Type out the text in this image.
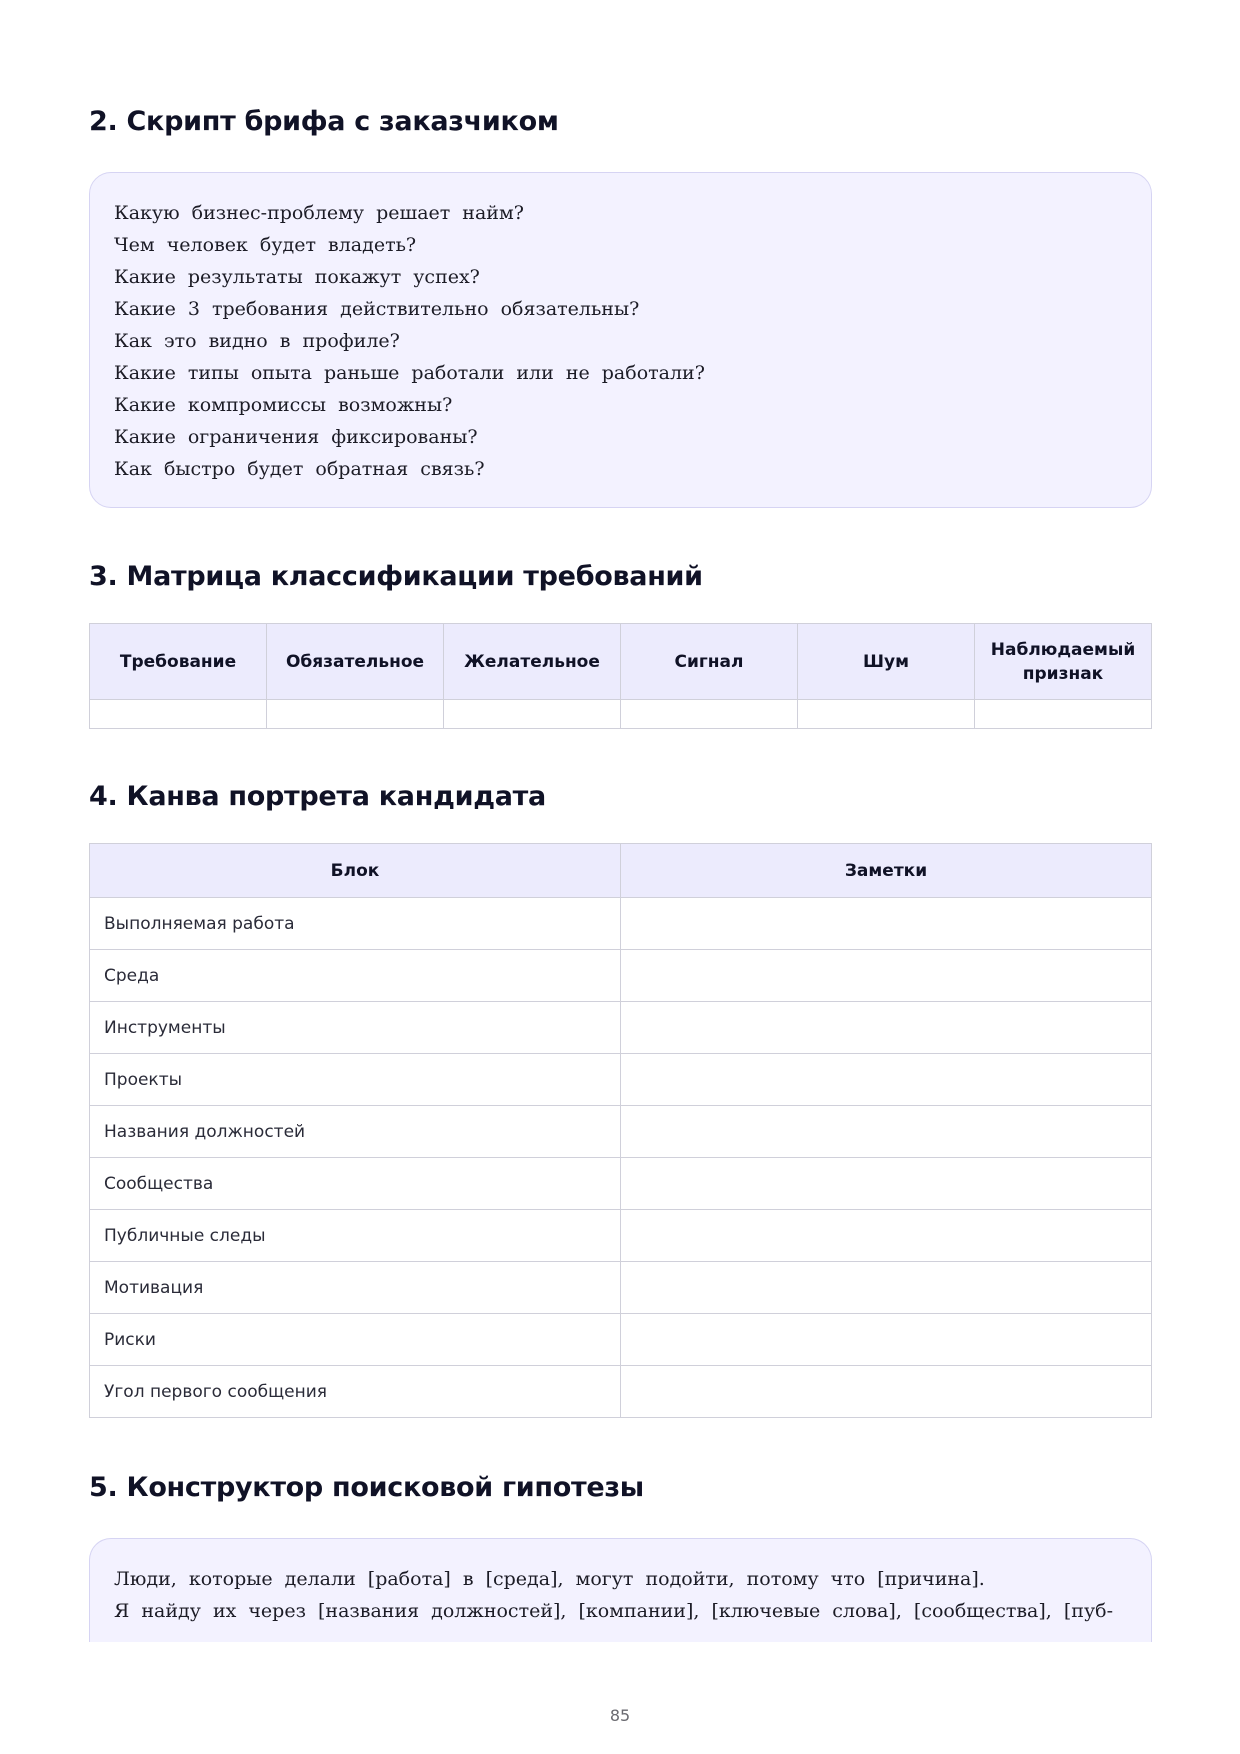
2. Скрипт брифа с заказчиком
Какую бизнес-проблему решает найм?
Чем человек будет владеть?
Какие результаты покажут успех?
Какие 3 требования действительно обязательны?
Как это видно в профиле?
Какие типы опыта раньше работали или не работали?
Какие компромиссы возможны?
Какие ограничения фиксированы?
Как быстро будет обратная связь?
3. Матрица классификации требований
Требование	Обязательное	Желательное	Сигнал	Шум	Наблюдаемый признак

4. Канва портрета кандидата
Блок	Заметки
Выполняемая работа	
Среда	
Инструменты	
Проекты	
Названия должностей	
Сообщества	
Публичные следы	
Мотивация	
Риски	
Угол первого сообщения	
5. Конструктор поисковой гипотезы
Люди, которые делали [работа] в [среда], могут подойти, потому что [причина].
Я найду их через [названия должностей], [компании], [ключевые слова], [сообщества], [пуб-
85
